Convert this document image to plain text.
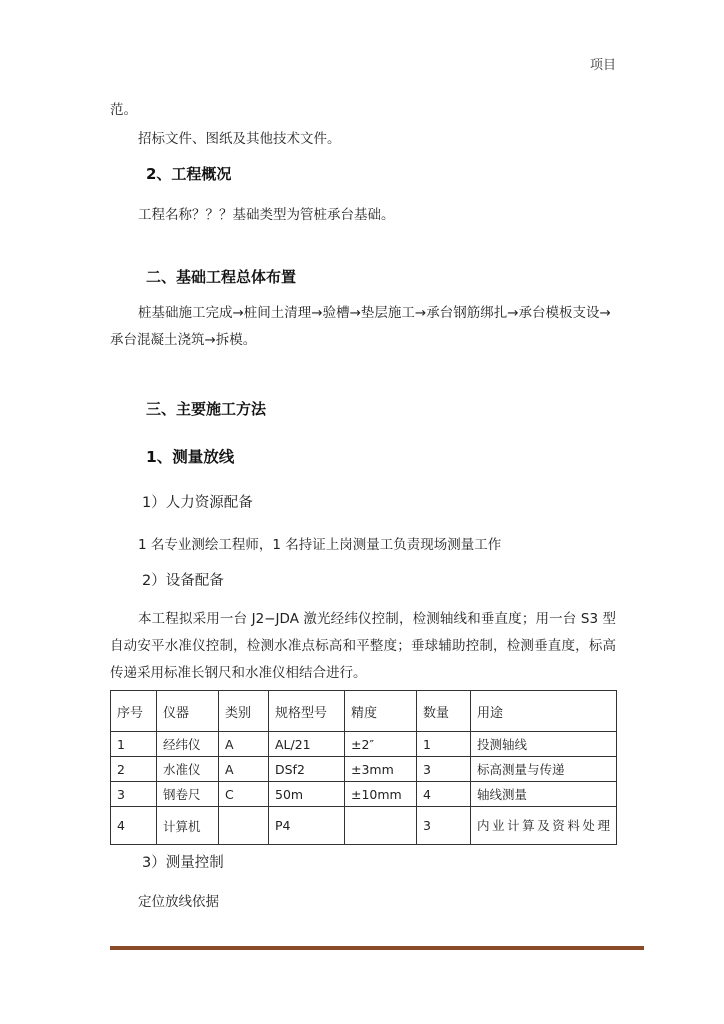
项目
范。
招标文件、图纸及其他技术文件。
2、工程概况
工程名称？？？基础类型为管桩承台基础。
二、基础工程总体布置
桩基础施工完成→桩间土清理→验槽→垫层施工→承台钢筋绑扎→承台模板支设→承台混凝土浇筑→拆模。
三、主要施工方法
1、测量放线
1）人力资源配备
1 名专业测绘工程师，1 名持证上岗测量工负责现场测量工作
2）设备配备
本工程拟采用一台 J2−JDA 激光经纬仪控制，检测轴线和垂直度；用一台 S3 型自动安平水准仪控制，检测水准点标高和平整度；垂球辅助控制，检测垂直度，标高传递采用标准长钢尺和水准仪相结合进行。
序号	仪器	类别	规格型号	精度	数量	用途
1	经纬仪	A	AL/21	±2″	1	投测轴线
2	水准仪	A	DSf2	±3mm	3	标高测量与传递
3	钢卷尺	C	50m	±10mm	4	轴线测量
4	计算机		P4		3	内业计算及资料处理
3）测量控制
定位放线依据
